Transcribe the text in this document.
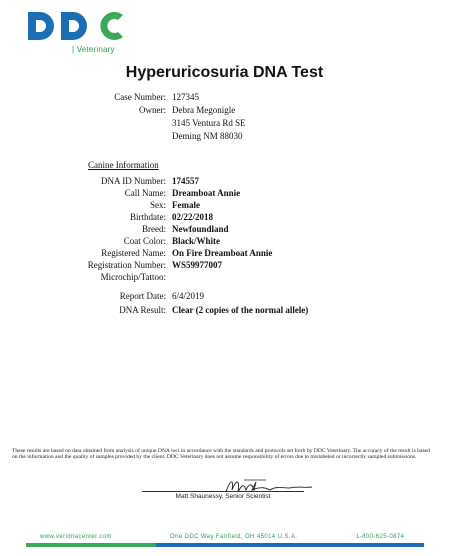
| Veterinary
Hyperuricosuria DNA Test
Case Number: 127345
Owner: Debra Megonigle
3145 Ventura Rd SE
Deming NM 88030
Canine Information
DNA ID Number: 174557
Call Name: Dreamboat Annie
Sex: Female
Birthdate: 02/22/2018
Breed: Newfoundland
Coat Color: Black/White
Registered Name: On Fire Dreamboat Annie
Registration Number: WS59977007
Microchip/Tattoo:
Report Date: 6/4/2019
DNA Result: Clear (2 copies of the normal allele)
These results are based on data obtained from analysis of unique DNA loci in accordance with the standards and protocols set forth by DDC Veterinary. The accuracy of the result is based on the information and the quality of samples provided by the client. DDC Veterinary does not assume responsibility of errors due to mislabeled or incorrectly sampled submissions.
Matt Shaunessy, Senior Scientist
www.veridnacenter.com	One DDC Way Fairfield, OH 45014 U.S.A.	1-800-625-0874
